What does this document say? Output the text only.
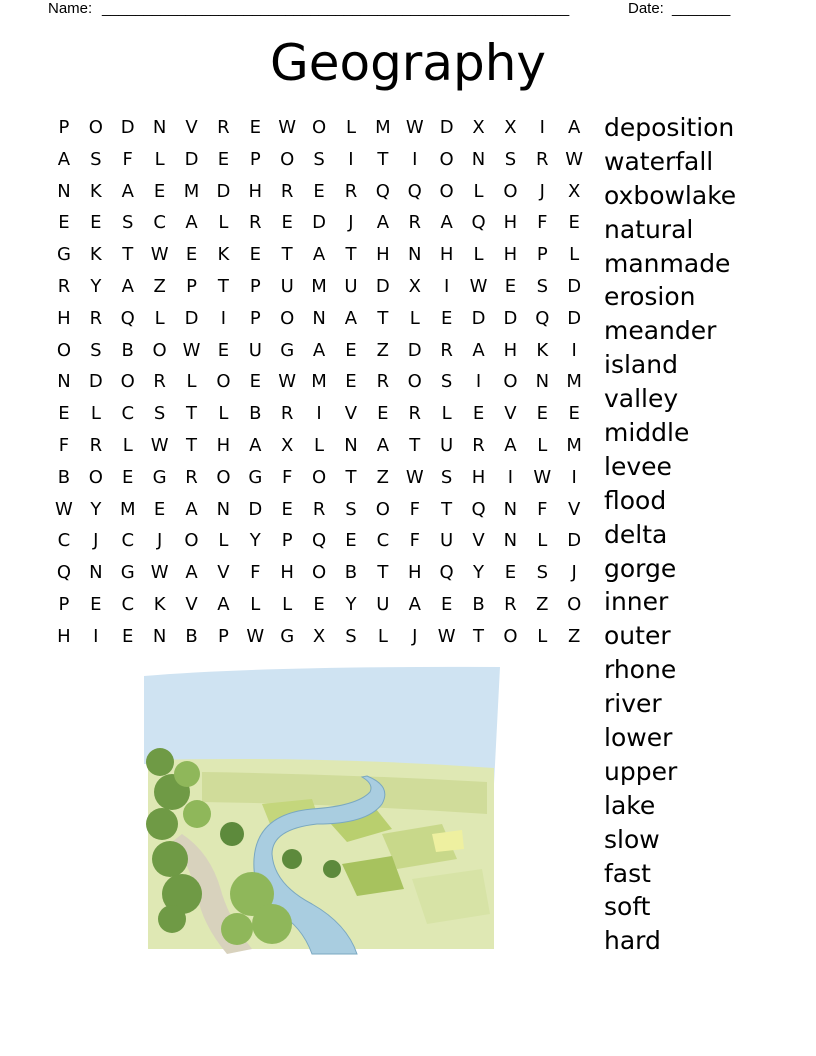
Name: ________________________________________________________	Date: _______
Geography
P	O D	N	V	R	E W O	L	M W D	X	X	I	A
A	S	F	L	D	E	P	O	S	I	T	I	O	N	S	R W
N	K	A	E	M D	H	R	E	R	Q Q O	L	O	J	X
E	E	S	C	A	L	R	E	D	J	A	R	A	Q	H	F	E
G	K	T W E	K	E	T	A	T	H	N	H	L	H	P	L
R	Y	A	Z	P	T	P	U M U	D	X	I	W E	S	D
H	R	Q	L	D	I	P	O	N	A	T	L	E	D	D Q D
O	S	B	O W E	U	G	A	E	Z	D	R	A	H	K	I
N	D O	R	L	O	E W M	E	R	O	S	I	O	N M
E	L	C	S	T	L	B	R	I	V	E	R	L	E	V	E	E
F	R	L W T	H	A	X	L	N	A	T	U	R	A	L	M
B	O	E	G	R	O G	F	O	T	Z W S	H	I	W	I
W Y	M	E	A	N	D	E	R	S	O	F	T	Q	N	F	V
C	J	C	J	O	L	Y	P	Q	E	C	F	U	V	N	L	D
Q	N	G W A	V	F	H	O	B	T	H	Q	Y	E	S	J
P	E	C	K	V	A	L	L	E	Y	U	A	E	B	R	Z	O
H	I	E	N	B	P W G	X	S	L	J	W T	O	L	Z
deposition
waterfall
oxbowlake
natural
manmade
erosion
meander
island
valley
middle
levee
flood
delta
gorge
inner
outer
rhone
river
lower
upper
lake
slow
fast
soft
hard
